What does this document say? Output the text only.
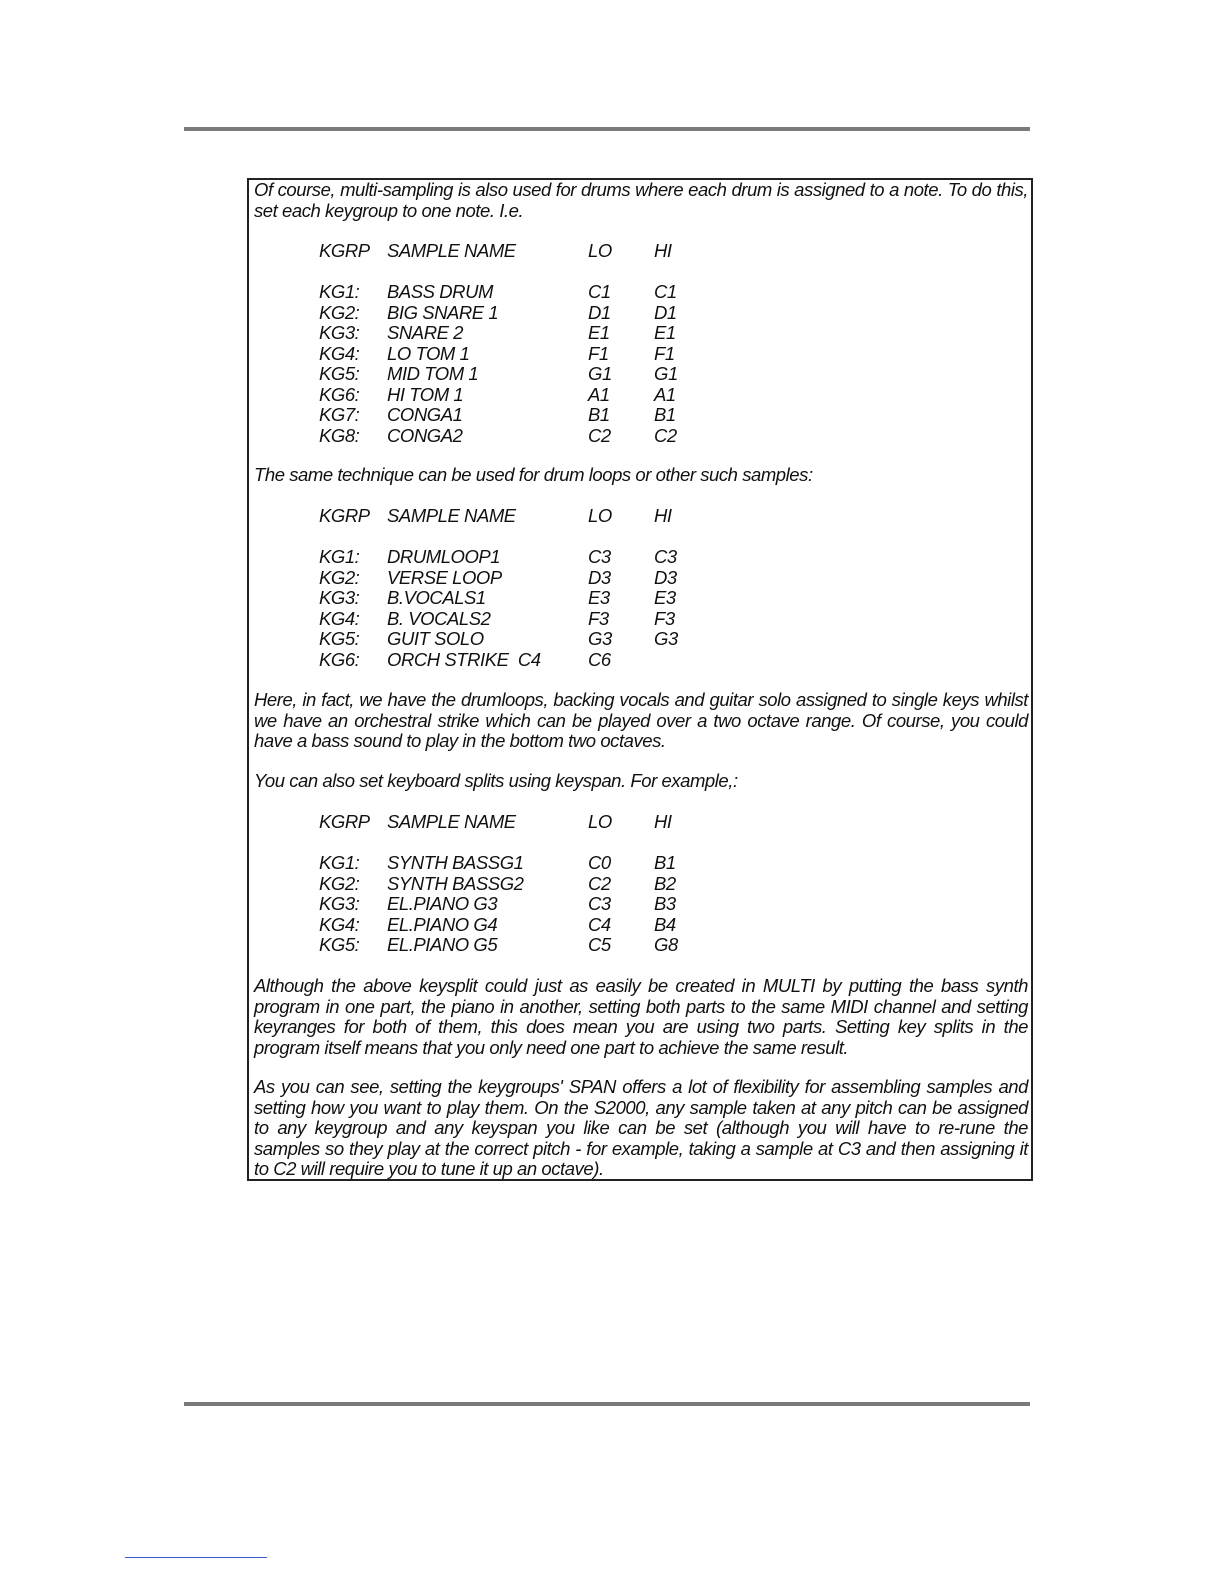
Of course, multi-sampling is also used for drums where each drum is assigned to a note. To do this, set each keygroup to one note. I.e.

KGRP SAMPLE NAME	LO HI
KG1: BASS DRUM	C1 C1
KG2: BIG SNARE 1	D1 D1
KG3: SNARE 2	E1 E1
KG4: LO TOM 1	F1 F1
KG5: MID TOM 1	G1 G1
KG6: HI TOM 1	A1 A1
KG7: CONGA1	B1 B1
KG8: CONGA2	C2 C2

The same technique can be used for drum loops or other such samples:

KGRP SAMPLE NAME	LO HI
KG1: DRUMLOOP1	C3 C3
KG2: VERSE LOOP	D3 D3
KG3: B.VOCALS1	E3 E3
KG4: B. VOCALS2	F3 F3
KG5: GUIT SOLO	G3 G3
KG6: ORCH STRIKE  C4	C6

Here, in fact, we have the drumloops, backing vocals and guitar solo assigned to single keys whilst we have an orchestral strike which can be played over a two octave range. Of course, you could have a bass sound to play in the bottom two octaves.

You can also set keyboard splits using keyspan. For example,:

KGRP SAMPLE NAME	LO HI
KG1: SYNTH BASSG1	C0 B1
KG2: SYNTH BASSG2	C2 B2
KG3: EL.PIANO G3	C3 B3
KG4: EL.PIANO G4	C4 B4
KG5: EL.PIANO G5	C5 G8

Although the above keysplit could just as easily be created in MULTI by putting the bass synth program in one part, the piano in another, setting both parts to the same MIDI channel and setting keyranges for both of them, this does mean you are using two parts. Setting key splits in the program itself means that you only need one part to achieve the same result.

As you can see, setting the keygroups' SPAN offers a lot of flexibility for assembling samples and setting how you want to play them. On the S2000, any sample taken at any pitch can be assigned to any keygroup and any keyspan you like can be set (although you will have to re-rune the samples so they play at the correct pitch - for example, taking a sample at C3 and then assigning it to C2 will require you to tune it up an octave).
